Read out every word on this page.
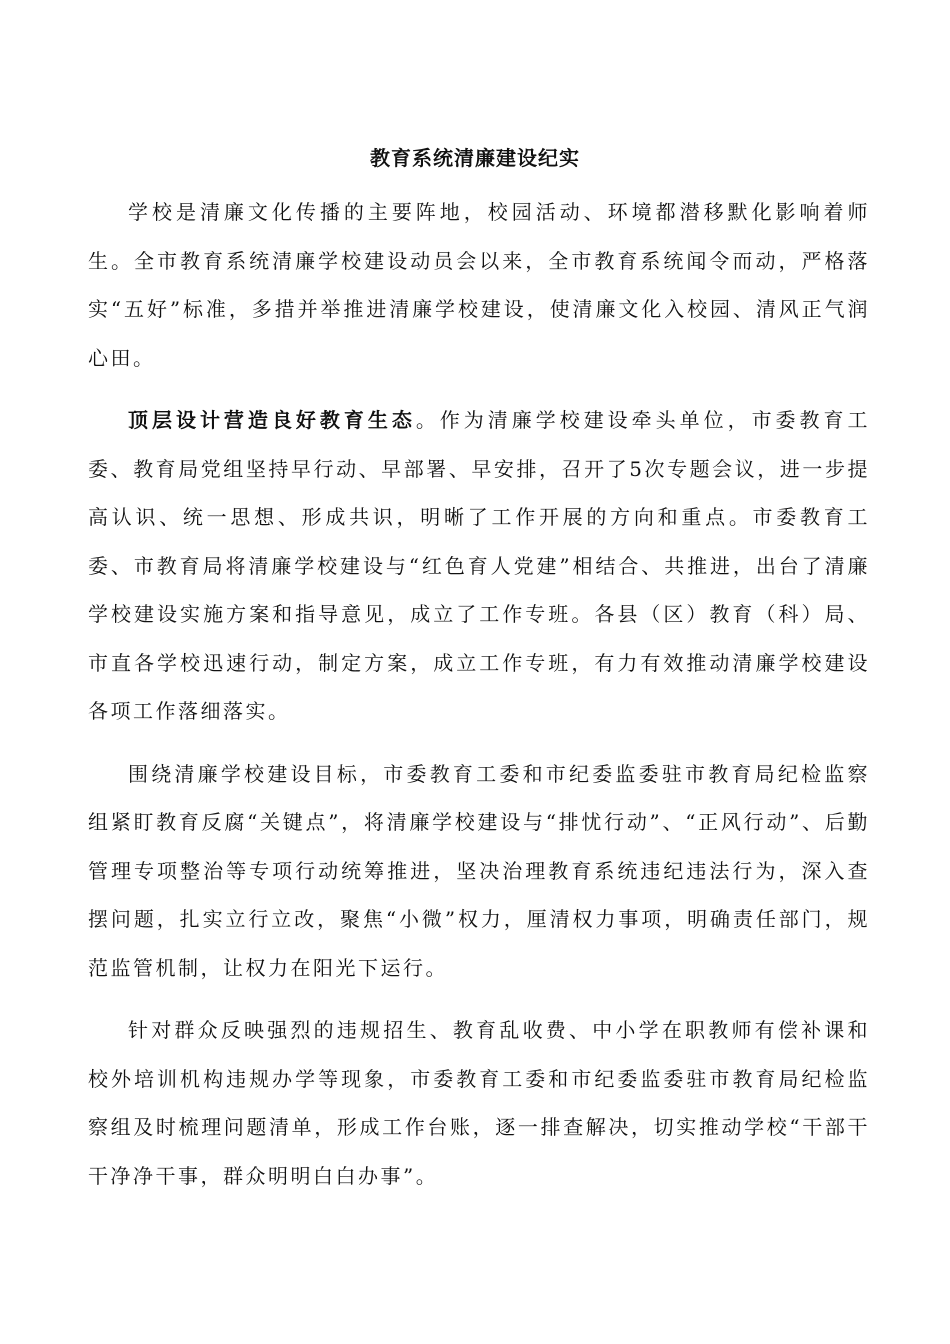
教育系统清廉建设纪实

学校是清廉文化传播的主要阵地，校园活动、环境都潜移默化影响着师生。全市教育系统清廉学校建设动员会以来，全市教育系统闻令而动，严格落实“五好”标准，多措并举推进清廉学校建设，使清廉文化入校园、清风正气润心田。

顶层设计营造良好教育生态。作为清廉学校建设牵头单位，市委教育工委、教育局党组坚持早行动、早部署、早安排，召开了5次专题会议，进一步提高认识、统一思想、形成共识，明晰了工作开展的方向和重点。市委教育工委、市教育局将清廉学校建设与“红色育人党建”相结合、共推进，出台了清廉学校建设实施方案和指导意见，成立了工作专班。各县（区）教育（科）局、市直各学校迅速行动，制定方案，成立工作专班，有力有效推动清廉学校建设各项工作落细落实。

围绕清廉学校建设目标，市委教育工委和市纪委监委驻市教育局纪检监察组紧盯教育反腐“关键点”，将清廉学校建设与“排忧行动”、“正风行动”、后勤管理专项整治等专项行动统筹推进，坚决治理教育系统违纪违法行为，深入查摆问题，扎实立行立改，聚焦“小微”权力，厘清权力事项，明确责任部门，规范监管机制，让权力在阳光下运行。

针对群众反映强烈的违规招生、教育乱收费、中小学在职教师有偿补课和校外培训机构违规办学等现象，市委教育工委和市纪委监委驻市教育局纪检监察组及时梳理问题清单，形成工作台账，逐一排查解决，切实推动学校“干部干干净净干事，群众明明白白办事”。
